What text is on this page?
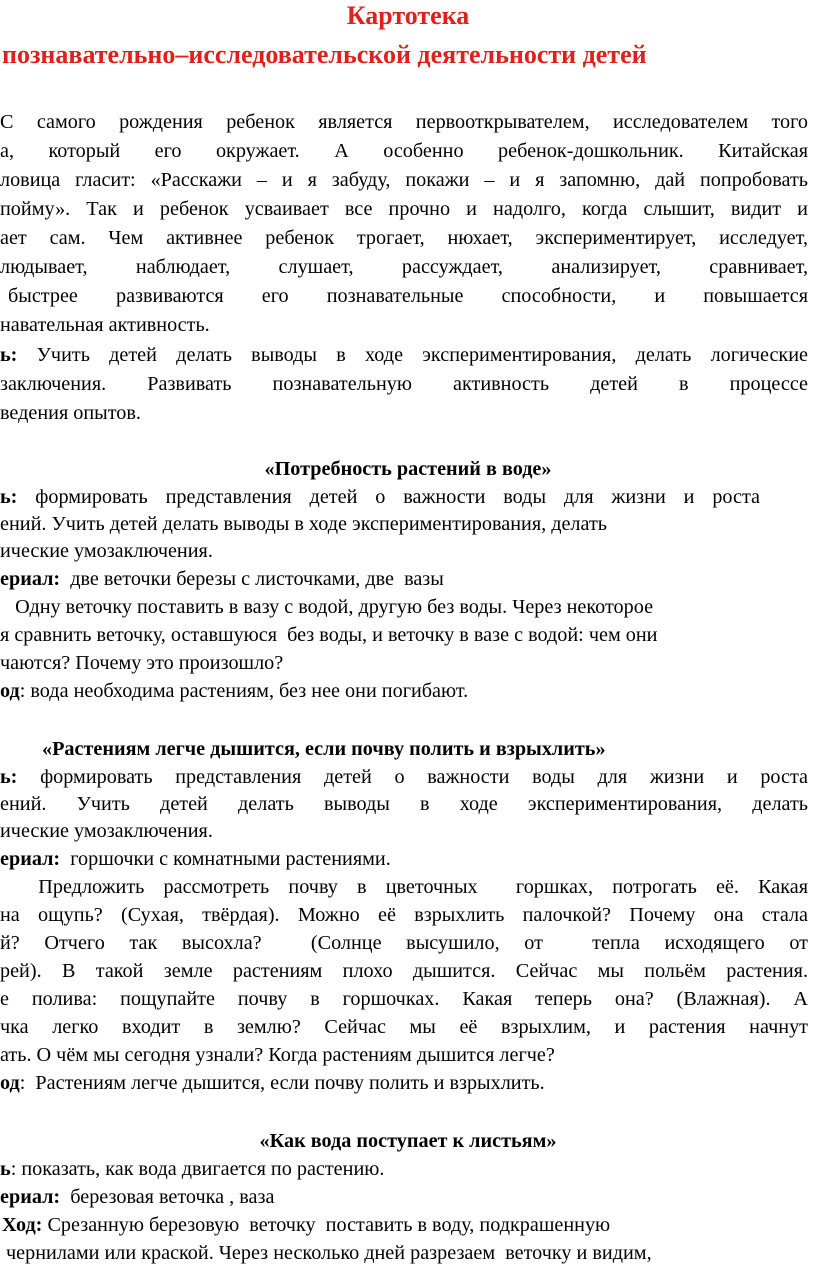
Картотека
познавательно–исследовательской деятельности детей
С самого рождения ребенок является первооткрывателем, исследователем того
а, который его окружает. А особенно ребенок-дошкольник. Китайская
ловица гласит: «Расскажи – и я забуду, покажи – и я запомню, дай попробовать
пойму». Так и ребенок усваивает все прочно и надолго, когда слышит, видит и
ает сам. Чем активнее ребенок трогает, нюхает, экспериментирует, исследует,
людывает, наблюдает, слушает, рассуждает, анализирует, сравнивает,
быстрее развиваются его познавательные способности, и повышается
навательная активность.
ь: Учить детей делать выводы в ходе экспериментирования, делать логические
заключения. Развивать познавательную активность детей в процессе
ведения опытов.
«Потребность растений в воде»
ь: формировать представления детей о важности воды для жизни и роста
ений. Учить детей делать выводы в ходе экспериментирования, делать
ические умозаключения.
ериал:  две веточки березы с листочками, две  вазы
Одну веточку поставить в вазу с водой, другую без воды. Через некоторое
я сравнить веточку, оставшуюся  без воды, и веточку в вазе с водой: чем они
чаются? Почему это произошло?
од: вода необходима растениям, без нее они погибают.
«Растениям легче дышится, если почву полить и взрыхлить»
ь: формировать представления детей о важности воды для жизни и роста
ений. Учить детей делать выводы в ходе экспериментирования, делать
ические умозаключения.
ериал:  горшочки с комнатными растениями.
Предложить рассмотреть почву в цветочных  горшках, потрогать её. Какая
на ощупь? (Сухая, твёрдая). Можно её взрыхлить палочкой? Почему она стала
й? Отчего так высохла?  (Солнце высушило, от  тепла исходящего от
рей). В такой земле растениям плохо дышится. Сейчас мы польём растения.
е полива: пощупайте почву в горшочках. Какая теперь она? (Влажная). А
чка легко входит в землю? Сейчас мы её взрыхлим, и растения начнут
ать. О чём мы сегодня узнали? Когда растениям дышится легче?
од:  Растениям легче дышится, если почву полить и взрыхлить.
«Как вода поступает к листьям»
ь: показать, как вода двигается по растению.
ериал:  березовая веточка , ваза
Ход: Срезанную березовую  веточку  поставить в воду, подкрашенную
чернилами или краской. Через несколько дней разрезаем  веточку и видим,
